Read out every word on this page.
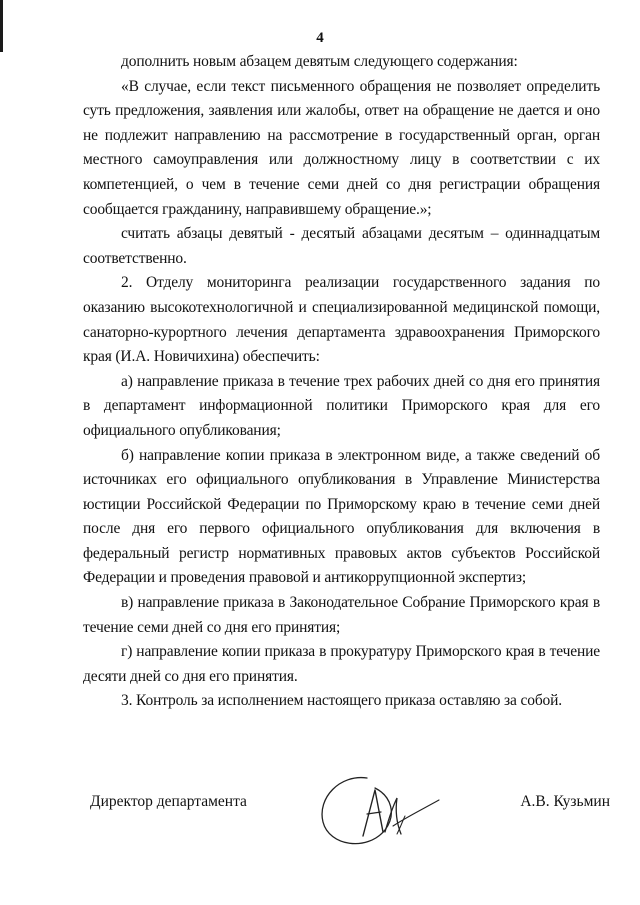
4

дополнить новым абзацем девятым следующего содержания:

«В случае, если текст письменного обращения не позволяет определить суть предложения, заявления или жалобы, ответ на обращение не дается и оно не подлежит направлению на рассмотрение в государственный орган, орган местного самоуправления или должностному лицу в соответствии с их компетенцией, о чем в течение семи дней со дня регистрации обращения сообщается гражданину, направившему обращение.»;

считать абзацы девятый - десятый абзацами десятым – одиннадцатым соответственно.

2. Отделу мониторинга реализации государственного задания по оказанию высокотехнологичной и специализированной медицинской помощи, санаторно-курортного лечения департамента здравоохранения Приморского края (И.А. Новичихина) обеспечить:

а) направление приказа в течение трех рабочих дней со дня его принятия в департамент информационной политики Приморского края для его официального опубликования;

б) направление копии приказа в электронном виде, а также сведений об источниках его официального опубликования в Управление Министерства юстиции Российской Федерации по Приморскому краю в течение семи дней после дня его первого официального опубликования для включения в федеральный регистр нормативных правовых актов субъектов Российской Федерации и проведения правовой и антикоррупционной экспертиз;

в) направление приказа в Законодательное Собрание Приморского края в течение семи дней со дня его принятия;

г) направление копии приказа в прокуратуру Приморского края в течение десяти дней со дня его принятия.

3. Контроль за исполнением настоящего приказа оставляю за собой.

Директор департамента	А.В. Кузьмин
